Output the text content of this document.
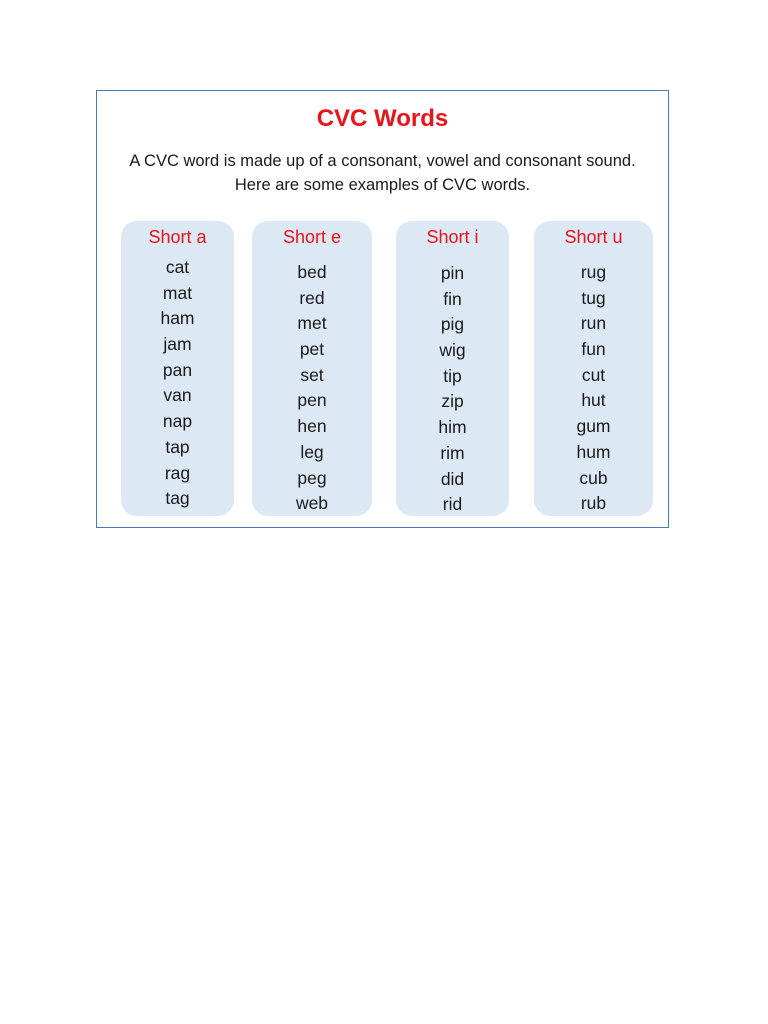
CVC Words
A CVC word is made up of a consonant, vowel and consonant sound.
Here are some examples of CVC words.
Short a
cat
mat
ham
jam
pan
van
nap
tap
rag
tag
Short e
bed
red
met
pet
set
pen
hen
leg
peg
web
Short i
pin
fin
pig
wig
tip
zip
him
rim
did
rid
Short u
rug
tug
run
fun
cut
hut
gum
hum
cub
rub
